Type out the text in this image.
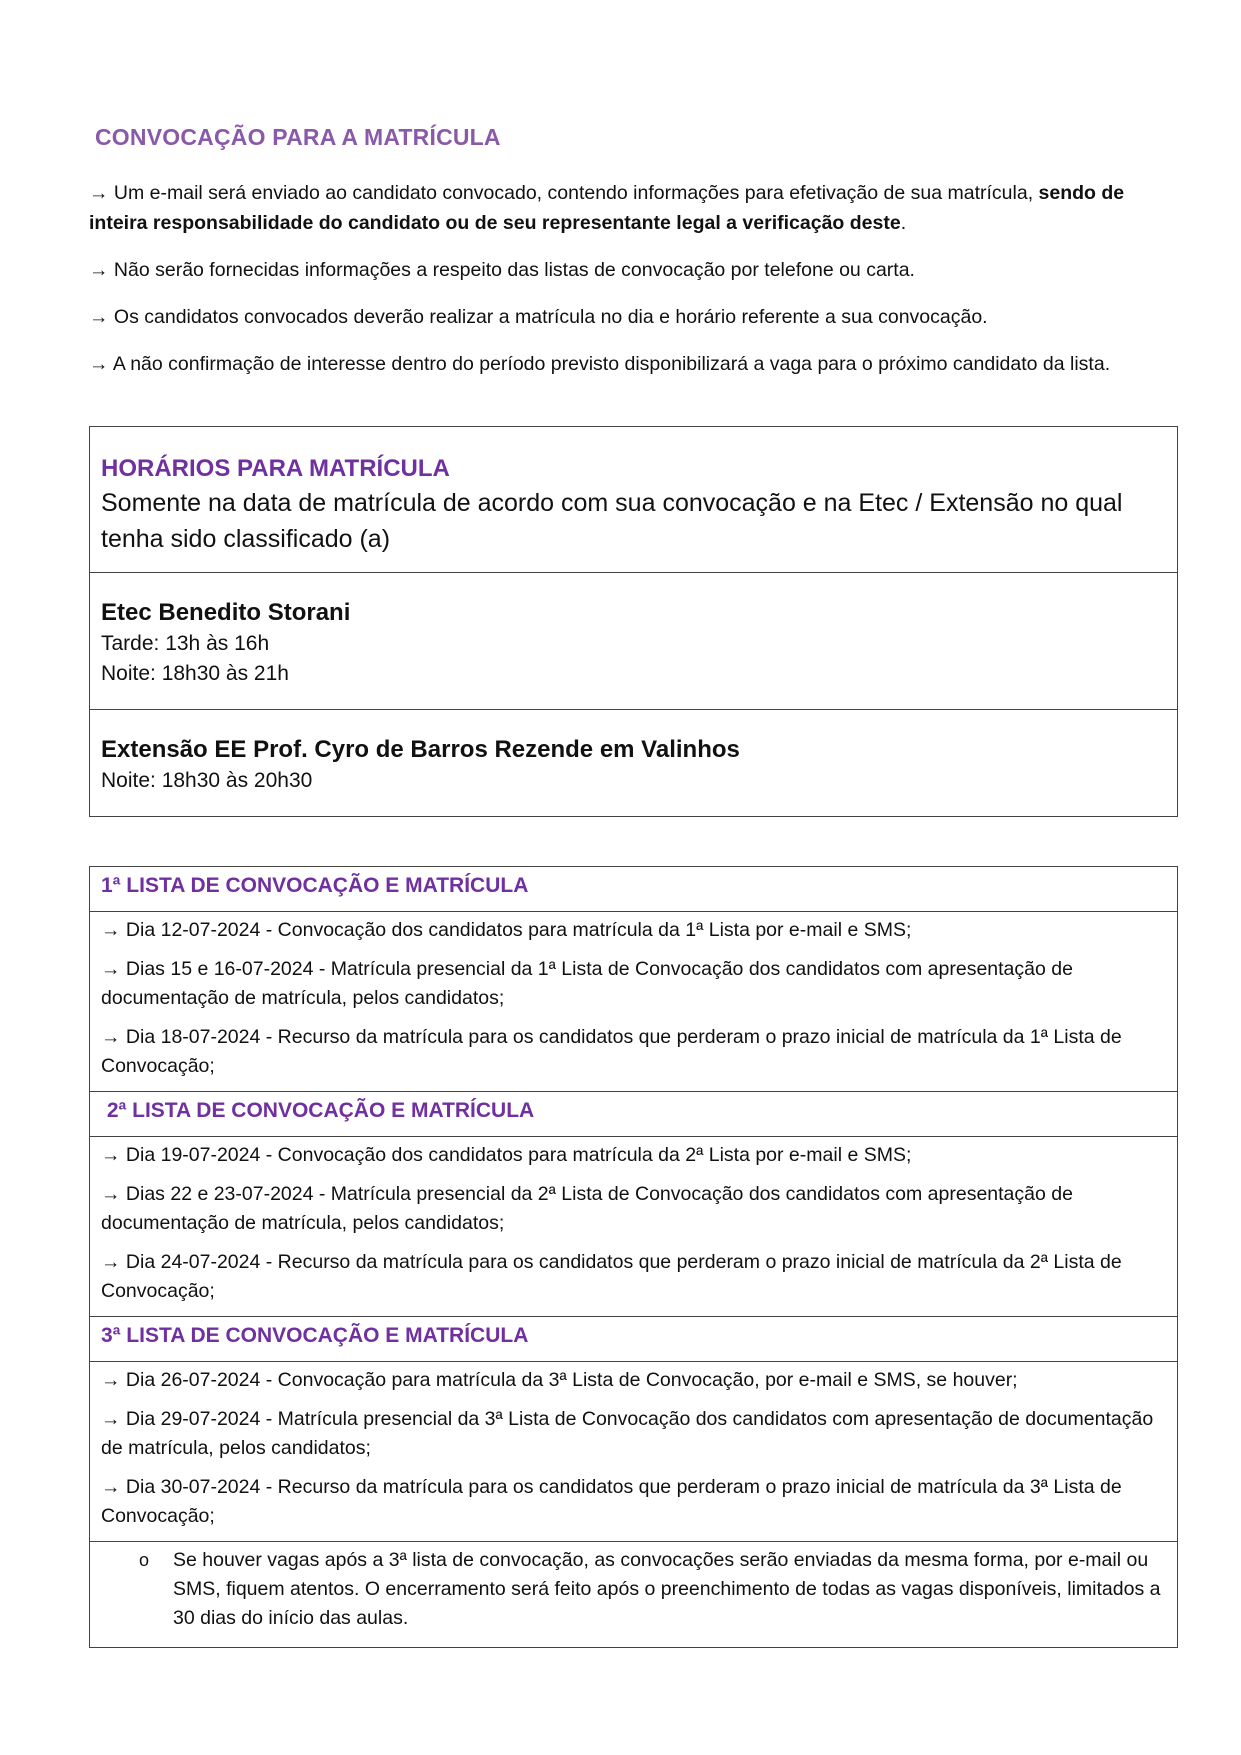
CONVOCAÇÃO PARA A MATRÍCULA

→ Um e-mail será enviado ao candidato convocado, contendo informações para efetivação de sua matrícula, sendo de inteira responsabilidade do candidato ou de seu representante legal a verificação deste.

→ Não serão fornecidas informações a respeito das listas de convocação por telefone ou carta.

→ Os candidatos convocados deverão realizar a matrícula no dia e horário referente a sua convocação.

→ A não confirmação de interesse dentro do período previsto disponibilizará a vaga para o próximo candidato da lista.

HORÁRIOS PARA MATRÍCULA
Somente na data de matrícula de acordo com sua convocação e na Etec / Extensão no qual tenha sido classificado (a)

Etec Benedito Storani
Tarde: 13h às 16h
Noite: 18h30 às 21h

Extensão EE Prof. Cyro de Barros Rezende em Valinhos
Noite: 18h30 às 20h30
1ª LISTA DE CONVOCAÇÃO E MATRÍCULA

→ Dia 12-07-2024 - Convocação dos candidatos para matrícula da 1ª Lista por e-mail e SMS;

→ Dias 15 e 16-07-2024 - Matrícula presencial da 1ª Lista de Convocação dos candidatos com apresentação de documentação de matrícula, pelos candidatos;

→ Dia 18-07-2024 - Recurso da matrícula para os candidatos que perderam o prazo inicial de matrícula da 1ª Lista de Convocação;

2ª LISTA DE CONVOCAÇÃO E MATRÍCULA

→ Dia 19-07-2024 - Convocação dos candidatos para matrícula da 2ª Lista por e-mail e SMS;

→ Dias 22 e 23-07-2024 - Matrícula presencial da 2ª Lista de Convocação dos candidatos com apresentação de documentação de matrícula, pelos candidatos;

→ Dia 24-07-2024 - Recurso da matrícula para os candidatos que perderam o prazo inicial de matrícula da 2ª Lista de Convocação;

3ª LISTA DE CONVOCAÇÃO E MATRÍCULA

→ Dia 26-07-2024 - Convocação para matrícula da 3ª Lista de Convocação, por e-mail e SMS, se houver;

→ Dia 29-07-2024 - Matrícula presencial da 3ª Lista de Convocação dos candidatos com apresentação de documentação de matrícula, pelos candidatos;

→ Dia 30-07-2024 - Recurso da matrícula para os candidatos que perderam o prazo inicial de matrícula da 3ª Lista de Convocação;

o	Se houver vagas após a 3ª lista de convocação, as convocações serão enviadas da mesma forma, por e-mail ou SMS, fiquem atentos. O encerramento será feito após o preenchimento de todas as vagas disponíveis, limitados a 30 dias do início das aulas.
